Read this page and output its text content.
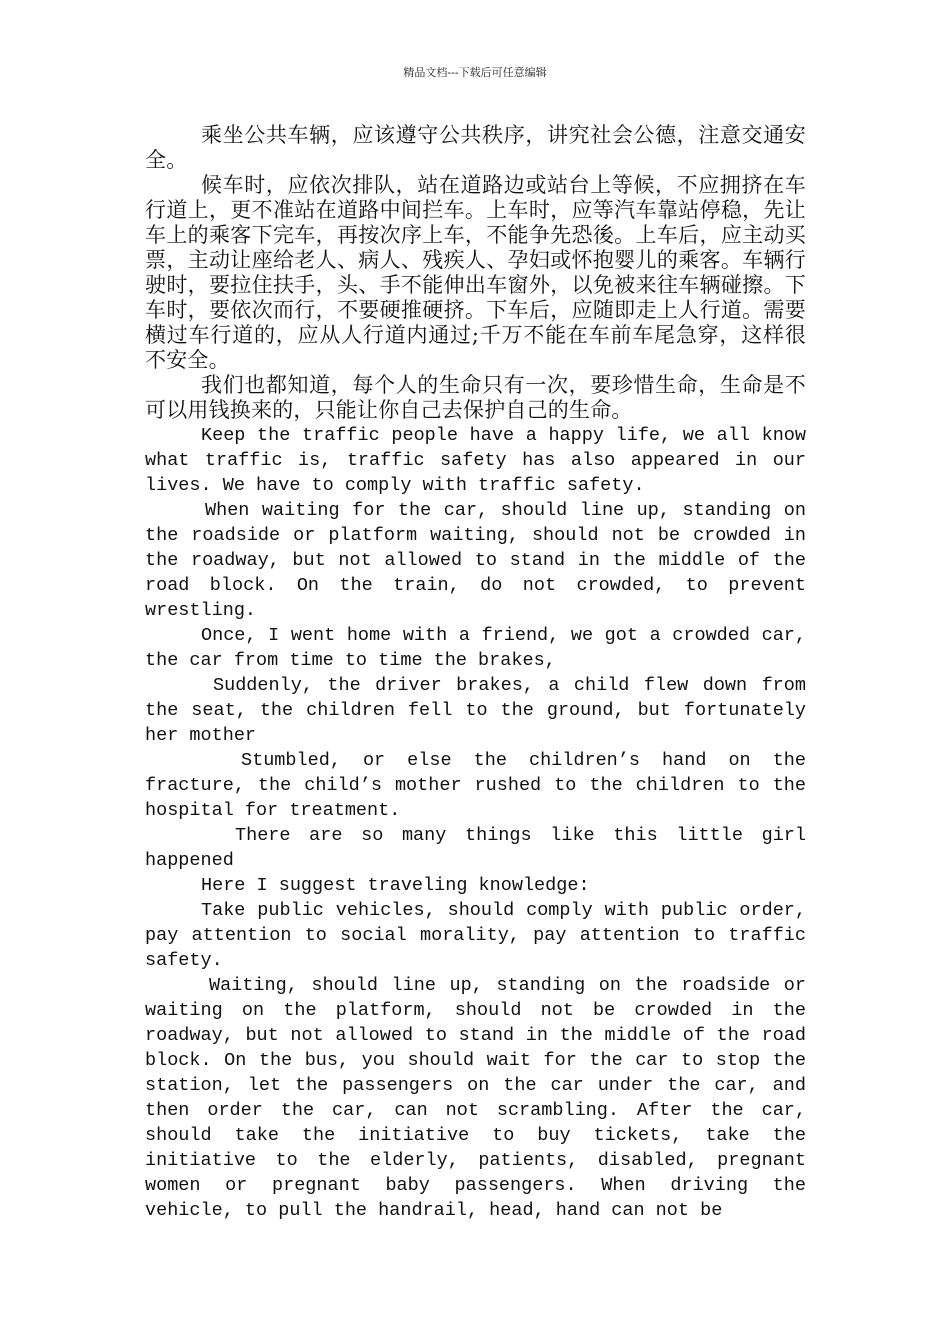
精品文档---下载后可任意编辑

乘坐公共车辆，应该遵守公共秩序，讲究社会公德，注意交通安全。

候车时，应依次排队，站在道路边或站台上等候，不应拥挤在车行道上，更不准站在道路中间拦车。上车时，应等汽车靠站停稳，先让车上的乘客下完车，再按次序上车，不能争先恐後。上车后，应主动买票，主动让座给老人、病人、残疾人、孕妇或怀抱婴儿的乘客。车辆行驶时，要拉住扶手，头、手不能伸出车窗外，以免被来往车辆碰擦。下车时，要依次而行，不要硬推硬挤。下车后，应随即走上人行道。需要横过车行道的，应从人行道内通过;千万不能在车前车尾急穿，这样很不安全。

我们也都知道，每个人的生命只有一次，要珍惜生命，生命是不可以用钱换来的，只能让你自己去保护自己的生命。

Keep the traffic people have a happy life, we all know what traffic is, traffic safety has also appeared in our lives. We have to comply with traffic safety.

When waiting for the car, should line up, standing on the roadside or platform waiting, should not be crowded in the roadway, but not allowed to stand in the middle of the road block. On the train, do not crowded, to prevent wrestling.

Once, I went home with a friend, we got a crowded car, the car from time to time the brakes,

Suddenly, the driver brakes, a child flew down from the seat, the children fell to the ground, but fortunately her mother

Stumbled, or else the children’s hand on the fracture, the child’s mother rushed to the children to the hospital for treatment.

There are so many things like this little girl happened

Here I suggest traveling knowledge:

Take public vehicles, should comply with public order, pay attention to social morality, pay attention to traffic safety.

Waiting, should line up, standing on the roadside or waiting on the platform, should not be crowded in the roadway, but not allowed to stand in the middle of the road block. On the bus, you should wait for the car to stop the station, let the passengers on the car under the car, and then order the car, can not scrambling. After the car, should take the initiative to buy tickets, take the initiative to the elderly, patients, disabled, pregnant women or pregnant baby passengers. When driving the vehicle, to pull the handrail, head, hand can not be
